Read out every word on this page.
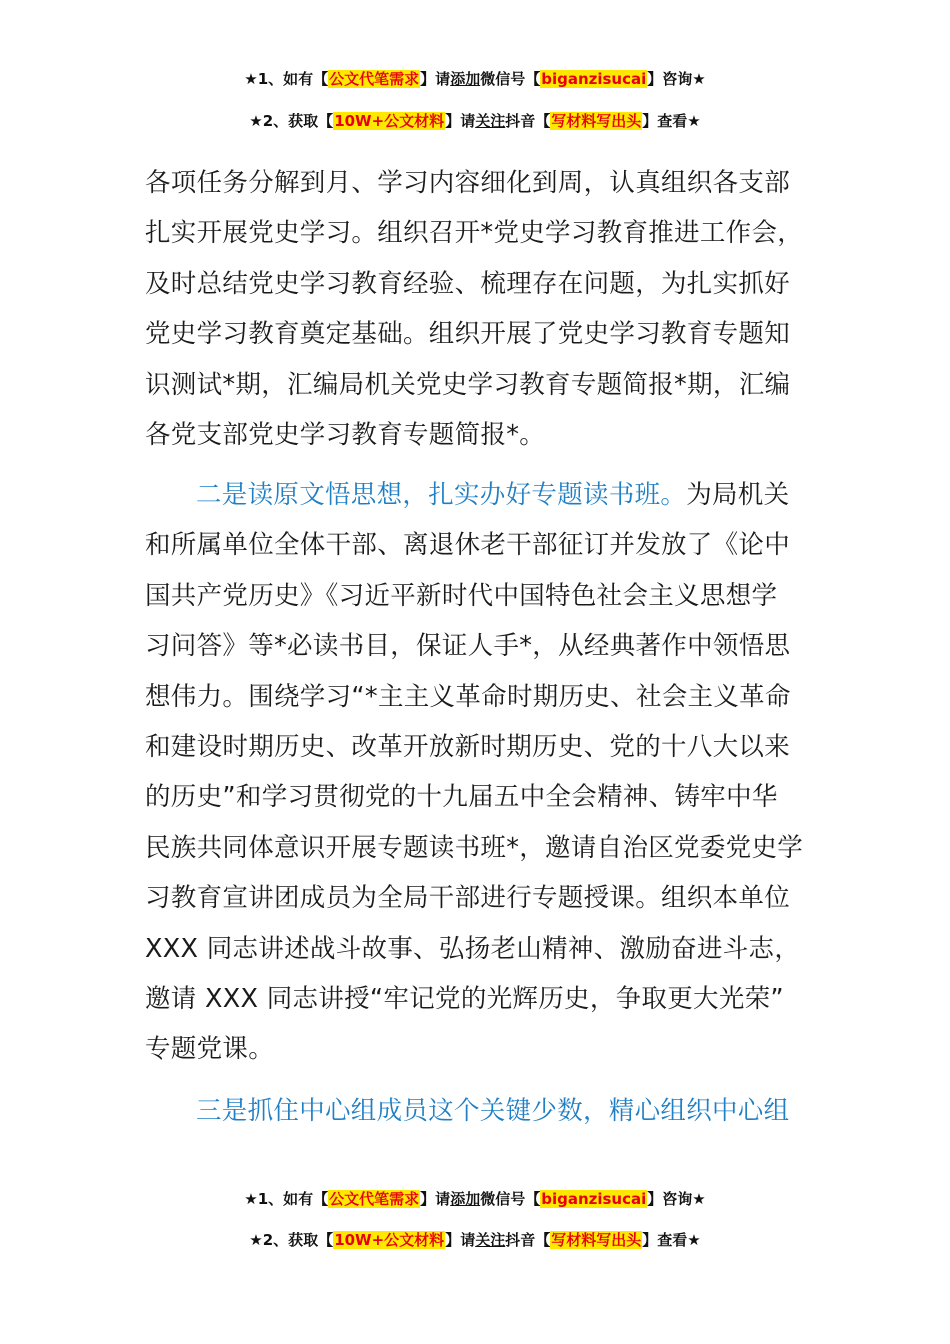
★1、如有【公文代笔需求】请添加微信号【biganzisucai】咨询★
★2、获取【10W+公文材料】请关注抖音【写材料写出头】查看★
各项任务分解到月、学习内容细化到周，认真组织各支部
扎实开展党史学习。组织召开*党史学习教育推进工作会，
及时总结党史学习教育经验、梳理存在问题，为扎实抓好
党史学习教育奠定基础。组织开展了党史学习教育专题知
识测试*期，汇编局机关党史学习教育专题简报*期，汇编
各党支部党史学习教育专题简报*。
二是读原文悟思想，扎实办好专题读书班。为局机关
和所属单位全体干部、离退休老干部征订并发放了《论中
国共产党历史》《习近平新时代中国特色社会主义思想学
习问答》等*必读书目，保证人手*，从经典著作中领悟思
想伟力。围绕学习“*主主义革命时期历史、社会主义革命
和建设时期历史、改革开放新时期历史、党的十八大以来
的历史”和学习贯彻党的十九届五中全会精神、铸牢中华
民族共同体意识开展专题读书班*，邀请自治区党委党史学
习教育宣讲团成员为全局干部进行专题授课。组织本单位
XXX 同志讲述战斗故事、弘扬老山精神、激励奋进斗志，
邀请 XXX 同志讲授“牢记党的光辉历史，争取更大光荣”
专题党课。
三是抓住中心组成员这个关键少数，精心组织中心组
★1、如有【公文代笔需求】请添加微信号【biganzisucai】咨询★
★2、获取【10W+公文材料】请关注抖音【写材料写出头】查看★
